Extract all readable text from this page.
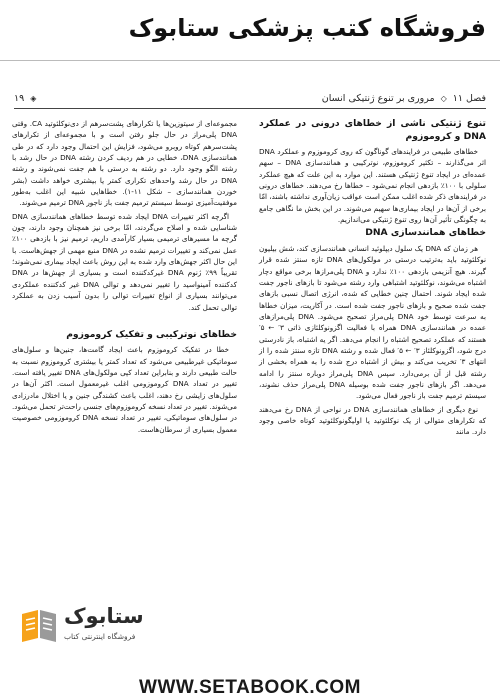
فروشگاه کتب پزشکی ستابوک
فصل ۱۱ ◇ مروری بر تنوع ژنتیکی انسان
◈ ۱۹
تنوع ژنتیکی ناشی از خطاهای درونی در عملکرد DNA و کروموزوم

خطاهای طبیعی در فرایندهای گوناگون که روی کروموزوم و عملکرد DNA اثر می‌گذارند – تکثیر کروموزوم، نوترکیبی و همانندسازی DNA – سهم عمده‌ای در ایجاد تنوع ژنتیکی هستند. این موارد به این علت که هیچ عملکرد سلولی با ۱۰۰٪ بازدهی انجام نمی‌شود – خطاها رخ می‌دهند. خطاهای درونی در فرایندهای ذکر شده اغلب ممکن است عواقب زیان‌آوری نداشته باشند، امّا برخی از آن‌ها در ایجاد بیماری‌ها سهیم می‌شوند. در این بخش ما نگاهی جامع به چگونگی تأثیر آن‌ها روی تنوع ژنتیکی می‌اندازیم.

خطاهای همانندسازی DNA

هر زمان که DNA یک سلول دیپلوئید انسانی همانندسازی کند، شش بیلیون نوکلئوتید باید به‌ترتیب درستی در مولکول‌های DNA تازه سنتز شده قرار گیرند. هیچ آنزیمی بازدهی ۱۰۰٪ ندارد و DNA پلی‌مرازها برخی مواقع دچار اشتباه می‌شوند، نوکلئوتید اشتباهی وارد رشته می‌شود تا بازهای ناجور جفت شده ایجاد شوند. احتمال چنین خطایی که شده، انرژی اتصال نسبی بازهای جفت شده صحیح و بازهای ناجور جفت شده است. در آکاریت، میزان خطاها به سرعت توسط خود DNA پلی‌مراز تصحیح می‌شود. DNA پلی‌مرازهای عمده در همانندسازی DNA همراه با فعالیت اگزونوکلئازی ذاتی ۳′ ← ۵′ هستند که عملکرد تصحیح اشتباه را انجام می‌دهد. اگر یه اشتباه، باز نادرستی درج شود، اگزونوکلئاز ۳′ ← ۵′ فعال شده و رشته DNA تازه سنتز شده را از انتهای ۳′ تخریب می‌کند و بیش از اشتباه درج شده را به همراه بخشی از رشته قبل از آن برمی‌دارد. سپس DNA پلی‌مراز دوباره سنتز را ادامه می‌دهد. اگر بازهای ناجور جفت شده بوسیله DNA پلی‌مراز حذف نشوند، سیستم ترمیم جفت باز ناجور فعال می‌شود.

نوع دیگری از خطاهای همانندسازی DNA در نواحی از DNA رخ می‌دهند که تکرارهای متوالی از یک نوکلئوتید یا اولیگونوکلئوتید کوتاه خاصی وجود دارد. مانند

مجموعه‌ای از سیتوزین‌ها یا تکرارهای پشت‌سرهم از دی‌نوکلئوتید CA. وقتی DNA پلی‌مراز در حال جلو رفتن است و با مجموعه‌ای از تکرارهای پشت‌سرهم کوتاه روبرو می‌شود، فزایش این احتمال وجود دارد که در طی همانندسازی DNA، خطایی در هم ردیف کردن رشته DNA در حال رشد با رشته الگو وجود دارد. دو رشته به درستی با هم جفت نمی‌شوند و رشته DNA در حال رشد واحدهای تکراری کمتر یا بیشتری خواهد داشت (بشر خوردن همانندسازی – شکل ۱۱-۱). خطاهایی شبیه این اغلب به‌طور موفقیت‌آمیزی توسط سیستم ترمیم جفت باز ناجور DNA ترمیم می‌شوند.

اگرچه اکثر تغییرات DNA ایجاد شده توسط خطاهای همانندسازی DNA شناسایی شده و اصلاح می‌گردند، امّا برخی نیز همچنان وجود دارند، چون گرچه ما مسیرهای ترمیمی بسیار کارآمدی داریم، ترمیم نیز با بازدهی ۱۰۰٪ عمل نمی‌کند و تغییرات ترمیم نشده در DNA منبع مهمی از جهش‌هاست. با این حال اکثر جهش‌های وارد شده به این روش باعث ایجاد بیماری نمی‌شوند؛ تقریباً ۹۹٪ ژنوم DNA غیرکدکننده است و بسیاری از جهش‌ها در DNA کدکننده آمینواسید را تغییر نمی‌دهد و توالی DNA غیر کدکننده عملکردی می‌توانند بسیاری از انواع تغییرات توالی را بدون آسیب زدن به عملکرد توالی تحمل کند.

خطاهای نوترکیبی و تفکیک کروموزوم

خطا در تفکیک کروموزوم باعث ایجاد گامت‌ها، جنین‌ها و سلول‌های سوماتیکی غیرطبیعی می‌شود که تعداد کمتر یا بیشتری کروموزوم نسبت به حالت طبیعی دارند و بنابراین تعداد کپی مولکول‌های DNA تغییر یافته است. تغییر در تعداد DNA کروموزومی اغلب غیرمعمول است. اکثر آن‌ها در سلول‌های زایشی رخ دهند، اغلب باعث کشندگی جنین و یا اختلال مادرزادی می‌شوند. تغییر در تعداد نسخه کروموزوم‌های جنسی راحت‌تر تحمل می‌شود. در سلول‌های سوماتیکی، تغییر در تعداد نسخه DNA کروموزومی خصوصیت معمول بسیاری از سرطان‌هاست.

ستابوک
فروشگاه اینترنتی کتاب
WWW.SETABOOK.COM
